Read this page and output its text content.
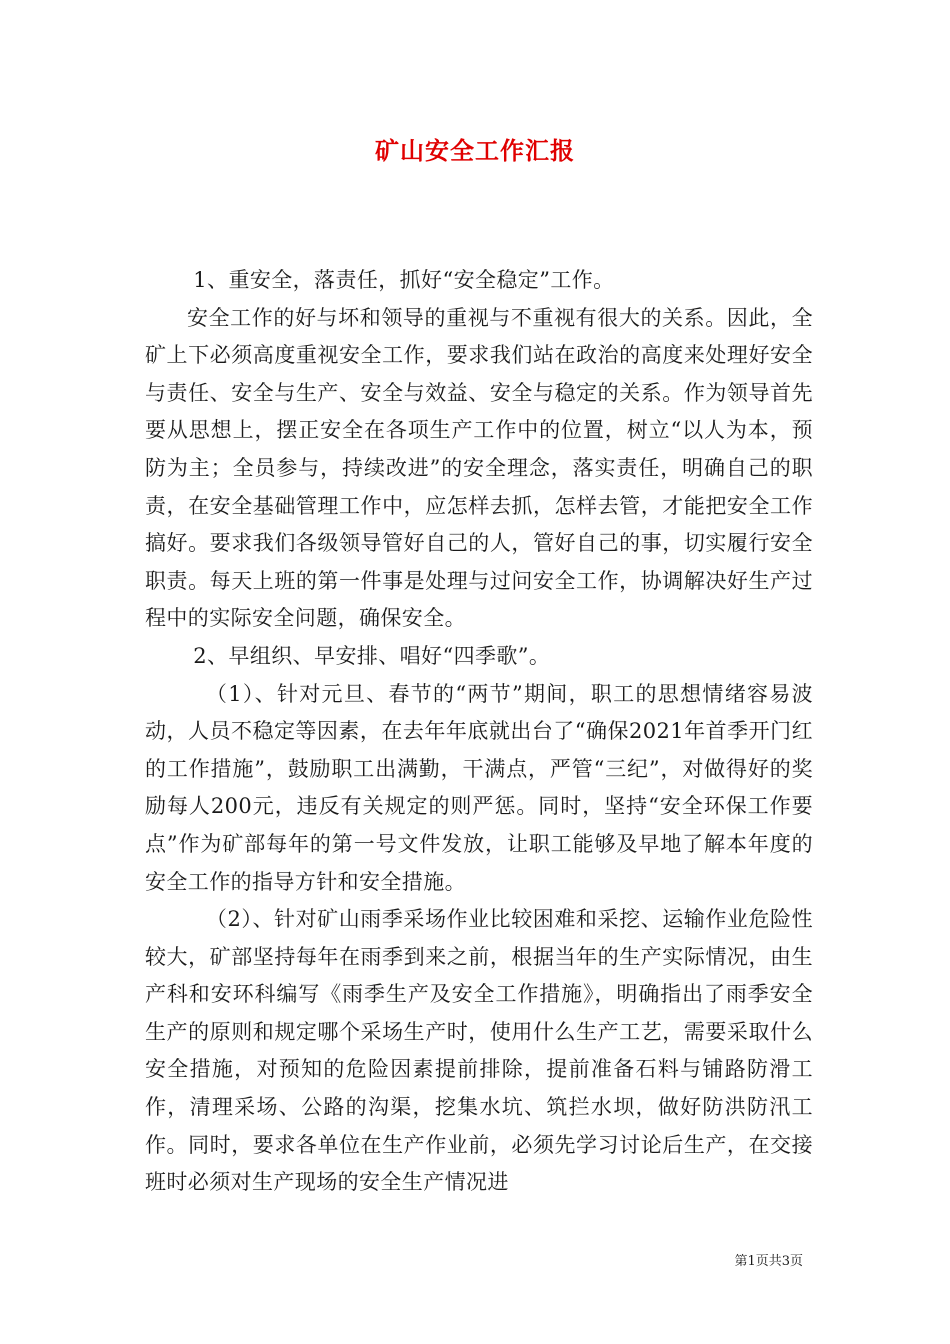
矿山安全工作汇报

1、重安全，落责任，抓好“安全稳定”工作。

安全工作的好与坏和领导的重视与不重视有很大的关系。因此，全矿上下必须高度重视安全工作，要求我们站在政治的高度来处理好安全与责任、安全与生产、安全与效益、安全与稳定的关系。作为领导首先要从思想上，摆正安全在各项生产工作中的位置，树立“以人为本，预防为主；全员参与，持续改进”的安全理念，落实责任，明确自己的职责，在安全基础管理工作中，应怎样去抓，怎样去管，才能把安全工作搞好。要求我们各级领导管好自己的人，管好自己的事，切实履行安全职责。每天上班的第一件事是处理与过问安全工作，协调解决好生产过程中的实际安全问题，确保安全。

2、早组织、早安排、唱好“四季歌”。

（1）、针对元旦、春节的“两节”期间，职工的思想情绪容易波动，人员不稳定等因素，在去年年底就出台了“确保2021年首季开门红的工作措施”，鼓励职工出满勤，干满点，严管“三纪”，对做得好的奖励每人200元，违反有关规定的则严惩。同时，坚持“安全环保工作要点”作为矿部每年的第一号文件发放，让职工能够及早地了解本年度的安全工作的指导方针和安全措施。

（2）、针对矿山雨季采场作业比较困难和采挖、运输作业危险性较大，矿部坚持每年在雨季到来之前，根据当年的生产实际情况，由生产科和安环科编写《雨季生产及安全工作措施》，明确指出了雨季安全生产的原则和规定哪个采场生产时，使用什么生产工艺，需要采取什么安全措施，对预知的危险因素提前排除，提前准备石料与铺路防滑工作，清理采场、公路的沟渠，挖集水坑、筑拦水坝，做好防洪防汛工作。同时，要求各单位在生产作业前，必须先学习讨论后生产，在交接班时必须对生产现场的安全生产情况进

第1页共3页
